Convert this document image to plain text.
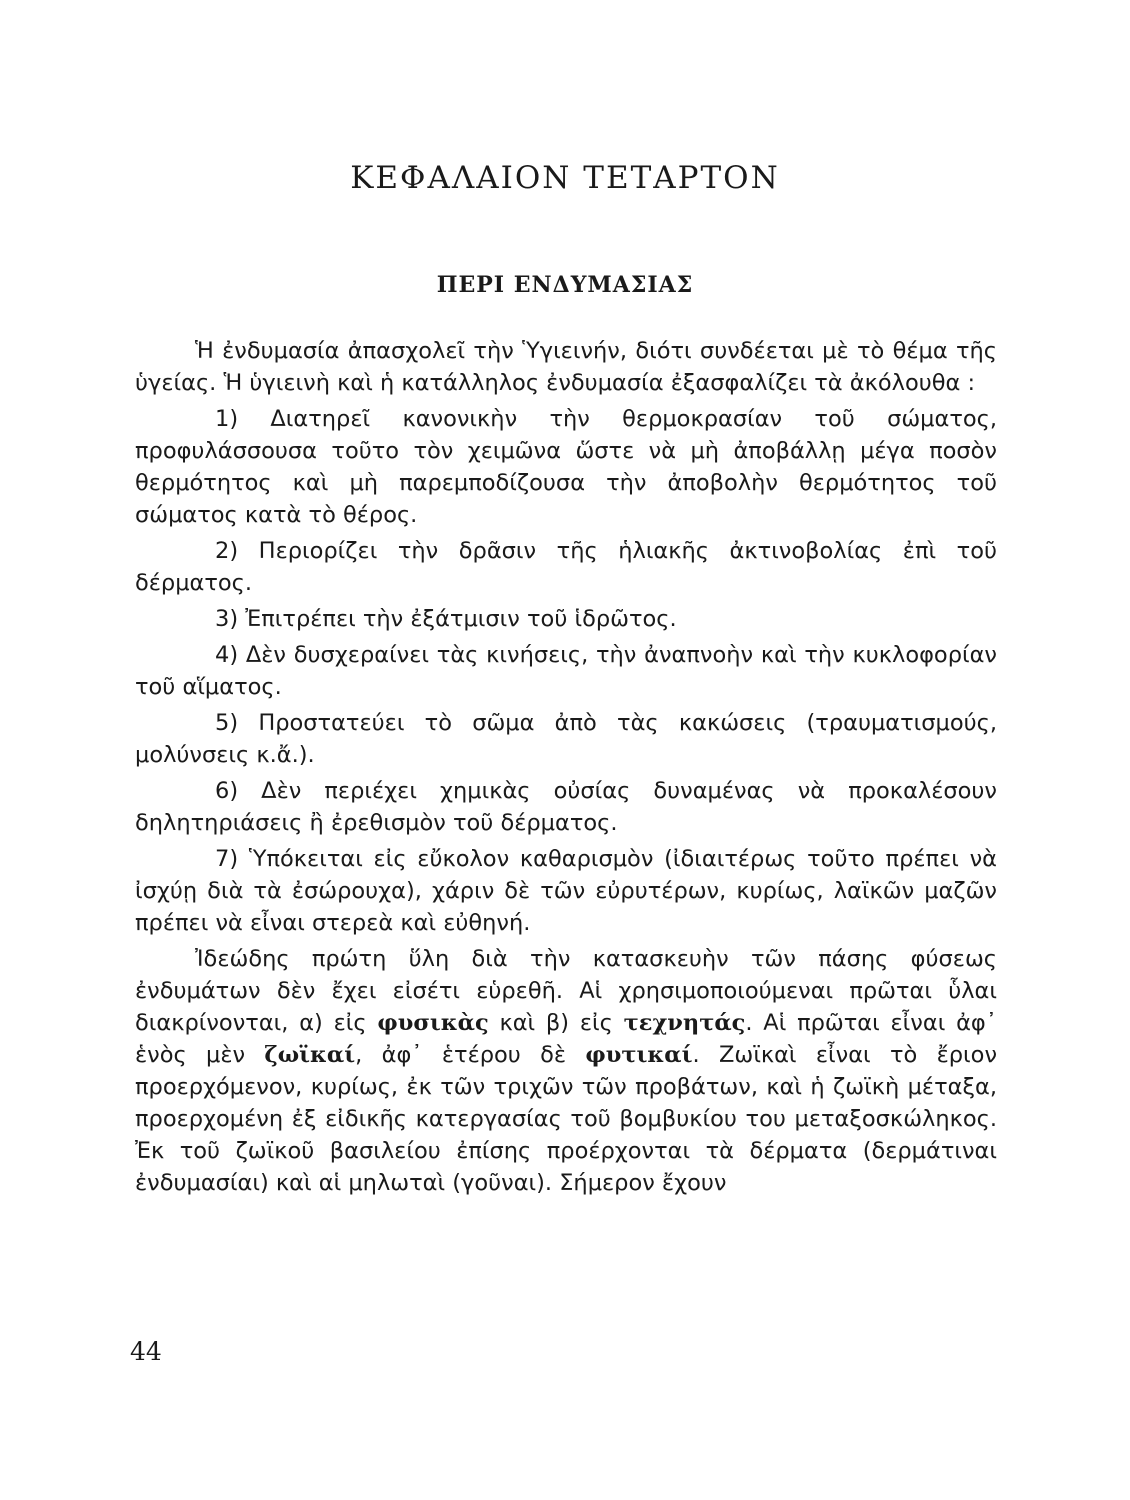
ΚΕΦΑΛΑΙΟΝ ΤΕΤΑΡΤΟΝ
ΠΕΡΙ ΕΝΔΥΜΑΣΙΑΣ

Ἡ ἐνδυμασία ἀπασχολεῖ τὴν Ὑγιεινήν, διότι συνδέεται μὲ τὸ θέμα τῆς ὑγείας. Ἡ ὑγιεινὴ καὶ ἡ κατάλληλος ἐνδυμασία ἐξασφαλίζει τὰ ἀκόλουθα :

1) Διατηρεῖ κανονικὴν τὴν θερμοκρασίαν τοῦ σώματος, προφυλάσσουσα τοῦτο τὸν χειμῶνα ὥστε νὰ μὴ ἀποβάλλῃ μέγα ποσὸν θερμότητος καὶ μὴ παρεμποδίζουσα τὴν ἀποβολὴν θερμότητος τοῦ σώματος κατὰ τὸ θέρος.

2) Περιορίζει τὴν δρᾶσιν τῆς ἡλιακῆς ἀκτινοβολίας ἐπὶ τοῦ δέρματος.

3) Ἐπιτρέπει τὴν ἐξάτμισιν τοῦ ἱδρῶτος.

4) Δὲν δυσχεραίνει τὰς κινήσεις, τὴν ἀναπνοὴν καὶ τὴν κυκλοφορίαν τοῦ αἵματος.

5) Προστατεύει τὸ σῶμα ἀπὸ τὰς κακώσεις (τραυματισμούς, μολύνσεις κ.ἄ.).

6) Δὲν περιέχει χημικὰς οὐσίας δυναμένας νὰ προκαλέσουν δηλητηριάσεις ἢ ἐρεθισμὸν τοῦ δέρματος.

7) Ὑπόκειται εἰς εὔκολον καθαρισμὸν (ἰδιαιτέρως τοῦτο πρέπει νὰ ἰσχύῃ διὰ τὰ ἐσώρουχα), χάριν δὲ τῶν εὐρυτέρων, κυρίως, λαϊκῶν μαζῶν πρέπει νὰ εἶναι στερεὰ καὶ εὐθηνή.

Ἰδεώδης πρώτη ὕλη διὰ τὴν κατασκευὴν τῶν πάσης φύσεως ἐνδυμάτων δὲν ἔχει εἰσέτι εὑρεθῆ. Αἱ χρησιμοποιούμεναι πρῶται ὗλαι διακρίνονται, α) εἰς φυσικὰς καὶ β) εἰς τεχνητάς. Αἱ πρῶται εἶναι ἀφ᾿ ἑνὸς μὲν ζωϊκαί, ἀφ᾿ ἑτέρου δὲ φυτικαί. Ζωϊκαὶ εἶναι τὸ ἔριον προερχόμενον, κυρίως, ἐκ τῶν τριχῶν τῶν προβάτων, καὶ ἡ ζωϊκὴ μέταξα, προερχομένη ἐξ εἰδικῆς κατεργασίας τοῦ βομβυκίου του μεταξοσκώληκος. Ἐκ τοῦ ζωϊκοῦ βασιλείου ἐπίσης προέρχονται τὰ δέρματα (δερμάτιναι ἐνδυμασίαι) καὶ αἱ μηλωταὶ (γοῦναι). Σήμερον ἔχουν

44
